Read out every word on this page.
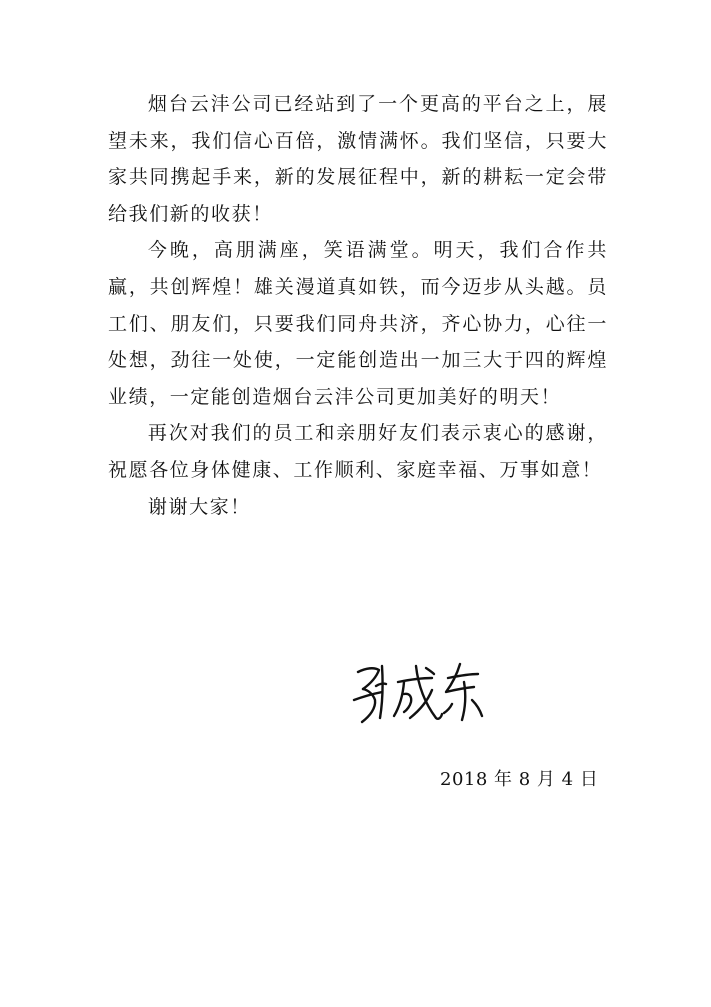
烟台云沣公司已经站到了一个更高的平台之上，展望未来，我们信心百倍，激情满怀。我们坚信，只要大家共同携起手来，新的发展征程中，新的耕耘一定会带给我们新的收获！

今晚，高朋满座，笑语满堂。明天，我们合作共赢，共创辉煌！雄关漫道真如铁，而今迈步从头越。员工们、朋友们，只要我们同舟共济，齐心协力，心往一处想，劲往一处使，一定能创造出一加三大于四的辉煌业绩，一定能创造烟台云沣公司更加美好的明天！

再次对我们的员工和亲朋好友们表示衷心的感谢，祝愿各位身体健康、工作顺利、家庭幸福、万事如意！

谢谢大家！

2018 年 8 月 4 日
